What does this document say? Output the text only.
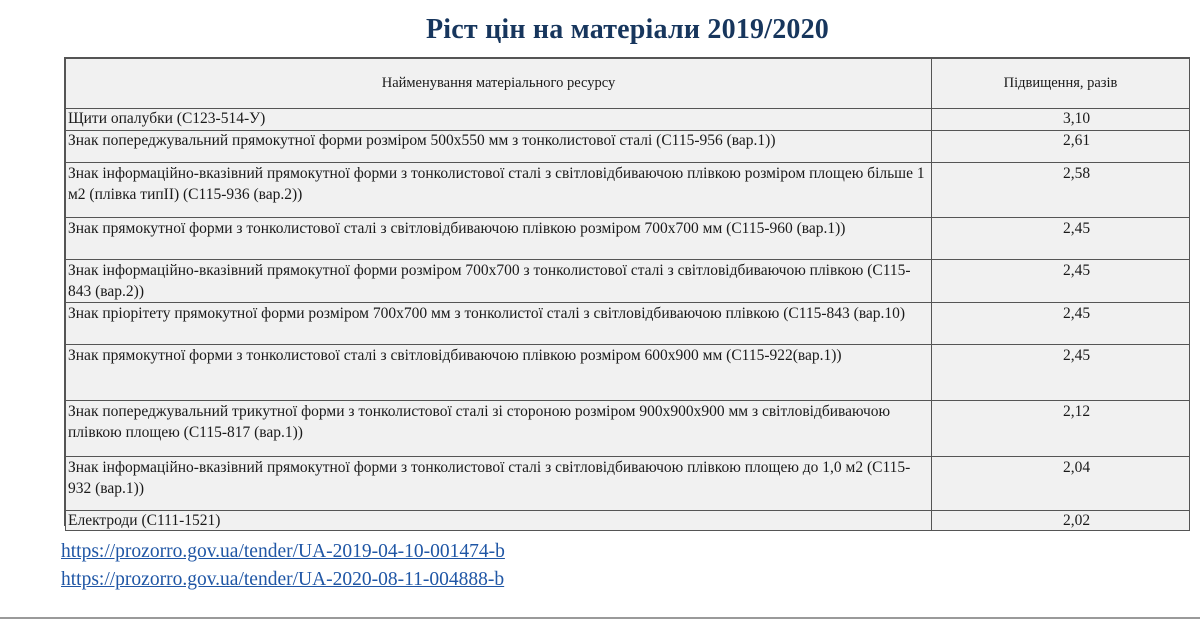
Ріст цін на матеріали 2019/2020
Найменування матеріального ресурсу	Підвищення, разів
Щити опалубки (С123-514-У)	3,10
Знак попереджувальний прямокутної форми розміром 500х550 мм з тонколистової сталі (С115-956 (вар.1))	2,61
Знак інформаційно-вказівний прямокутної форми з тонколистової сталі з світловідбиваючою плівкою розміром площею більше 1 м2 (плівка типII) (С115-936 (вар.2))	2,58
Знак прямокутної форми з тонколистової сталі з світловідбиваючою плівкою розміром 700х700 мм (С115-960 (вар.1))	2,45
Знак інформаційно-вказівний прямокутної форми розміром 700х700 з тонколистової сталі з світловідбиваючою плівкою (С115-843 (вар.2))	2,45
Знак пріорітету прямокутної форми розміром 700х700 мм з тонколистої сталі з світловідбиваючою плівкою (С115-843 (вар.10)	2,45
Знак прямокутної форми з тонколистової сталі з світловідбиваючою плівкою розміром 600х900 мм (С115-922(вар.1))	2,45
Знак попереджувальний трикутної форми з тонколистової сталі зі стороною розміром 900х900х900 мм з світловідбиваючою плівкою площею (С115-817 (вар.1))	2,12
Знак інформаційно-вказівний прямокутної форми з тонколистової сталі з світловідбиваючою плівкою площею до 1,0 м2 (С115-932 (вар.1))	2,04
Електроди (С111-1521)	2,02
https://prozorro.gov.ua/tender/UA-2019-04-10-001474-b
https://prozorro.gov.ua/tender/UA-2020-08-11-004888-b
